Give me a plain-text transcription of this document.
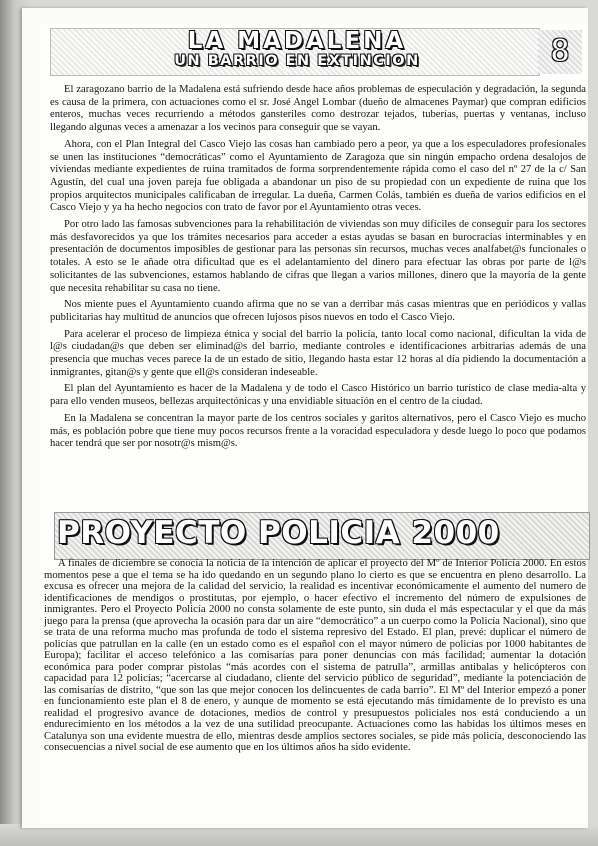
LA MADALENA
UN BARRIO EN EXTINCION	8

El zaragozano barrio de la Madalena está sufriendo desde hace años problemas de especulación y degradación, la segunda es causa de la primera, con actuaciones como el sr. José Angel Lombar (dueño de almacenes Paymar) que compran edificios enteros, muchas veces recurriendo a métodos gansteriles como destrozar tejados, tuberías, puertas y ventanas, incluso llegando algunas veces a amenazar a los vecinos para conseguir que se vayan.

Ahora, con el Plan Integral del Casco Viejo las cosas han cambiado pero a peor, ya que a los especuladores profesionales se unen las instituciones “democráticas” como el Ayuntamiento de Zaragoza que sin ningún empacho ordena desalojos de viviendas mediante expedientes de ruina tramitados de forma sorprendentemente rápida como el caso del nº 27 de la c/ San Agustín, del cual una joven pareja fue obligada a abandonar un piso de su propiedad con un expediente de ruina que los propios arquitectos municipales calificaban de irregular. La dueña, Carmen Colás, también es dueña de varios edificios en el Casco Viejo y ya ha hecho negocios con trato de favor por el Ayuntamiento otras veces.

Por otro lado las famosas subvenciones para la rehabilitación de viviendas son muy difíciles de conseguir para los sectores más desfavorecidos ya que los trámites necesarios para acceder a estas ayudas se basan en burocracias interminables y en presentación de documentos imposibles de gestionar para las personas sin recursos, muchas veces analfabet@s funcionales o totales. A esto se le añade otra dificultad que es el adelantamiento del dinero para efectuar las obras por parte de l@s solicitantes de las subvenciones, estamos hablando de cifras que llegan a varios millones, dinero que la mayoría de la gente que necesita rehabilitar su casa no tiene.

Nos miente pues el Ayuntamiento cuando afirma que no se van a derribar más casas mientras que en periódicos y vallas publicitarias hay multitud de anuncios que ofrecen lujosos pisos nuevos en todo el Casco Viejo.

Para acelerar el proceso de limpieza étnica y social del barrio la policía, tanto local como nacional, dificultan la vida de l@s ciudadan@s que deben ser eliminad@s del barrio, mediante controles e identificaciones arbitrarias además de una presencia que muchas veces parece la de un estado de sitio, llegando hasta estar 12 horas al día pidiendo la documentación a inmigrantes, gitan@s y gente que ell@s consideran indeseable.

El plan del Ayuntamiento es hacer de la Madalena y de todo el Casco Histórico un barrio turístico de clase media-alta y para ello venden museos, bellezas arquitectónicas y una envidiable situación en el centro de la ciudad.

En la Madalena se concentran la mayor parte de los centros sociales y garitos alternativos, pero el Casco Viejo es mucho más, es población pobre que tiene muy pocos recursos frente a la voracidad especuladora y desde luego lo poco que podamos hacer tendrá que ser por nosotr@s mism@s.

PROYECTO POLICIA 2000

A finales de diciembre se conocía la noticia de la intención de aplicar el proyecto del Mº de Interior Policía 2000. En estos momentos pese a que el tema se ha ido quedando en un segundo plano lo cierto es que se encuentra en pleno desarrollo. La excusa es ofrecer una mejora de la calidad del servicio, la realidad es incentivar económicamente el aumento del numero de identificaciones de mendigos o prostitutas, por ejemplo, o hacer efectivo el incremento del número de expulsiones de inmigrantes. Pero el Proyecto Policía 2000 no consta solamente de este punto, sin duda el más espectacular y el que da más juego para la prensa (que aprovecha la ocasión para dar un aire “democrático” a un cuerpo como la Policía Nacional), sino que se trata de una reforma mucho mas profunda de todo el sistema represivo del Estado. El plan, prevé: duplicar el número de policías que patrullan en la calle (en un estado como es el español con el mayor número de policías por 1000 habitantes de Europa); facilitar el acceso telefónico a las comisarías para poner denuncias con más facilidad; aumentar la dotación económica para poder comprar pistolas “más acordes con el sistema de patrulla”, armillas antibalas y helicópteros con capacidad para 12 policías; “acercarse al ciudadano, cliente del servicio público de seguridad”, mediante la potenciación de las comisarías de distrito, “que son las que mejor conocen los delincuentes de cada barrio”. El Mº del Interior empezó a poner en funcionamiento este plan el 8 de enero, y aunque de momento se está ejecutando más tímidamente de lo previsto es una realidad el progresivo avance de dotaciones, medios de control y presupuestos policiales nos está conduciendo a un endurecimiento en los métodos a la vez de una sutilidad preocupante. Actuaciones como las habidas los últimos meses en Catalunya son una evidente muestra de ello, mientras desde amplios sectores sociales, se pide más policía, desconociendo las consecuencias a nivel social de ese aumento que en los últimos años ha sido evidente.
